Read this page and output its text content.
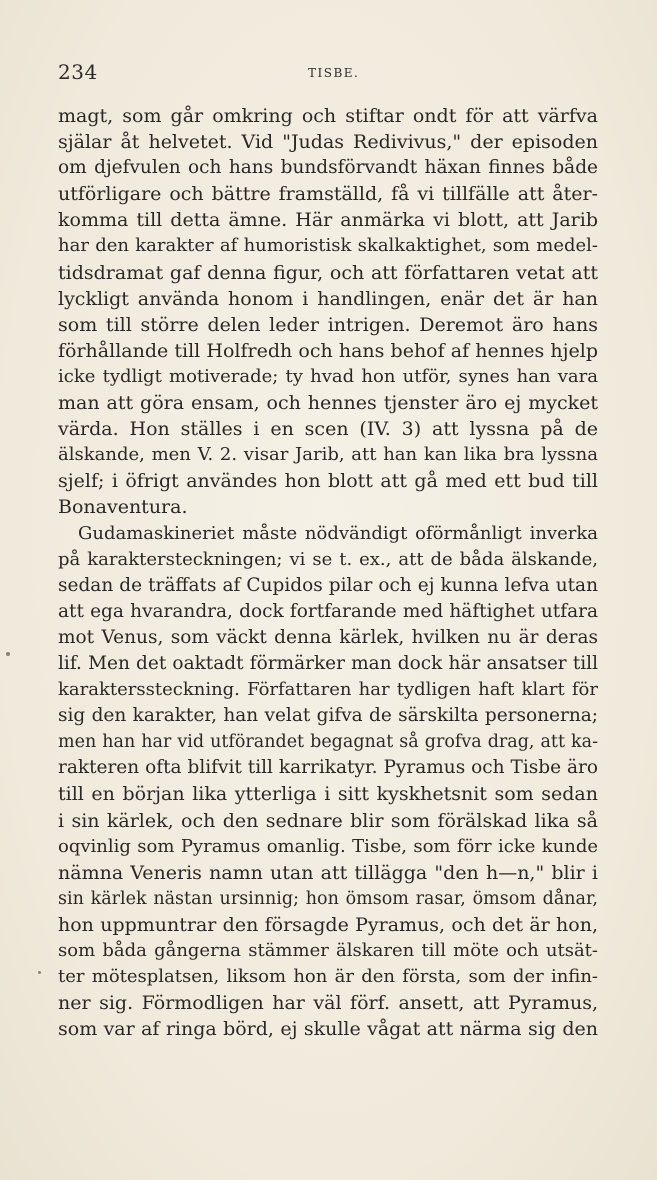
234	TISBE.
magt, som går omkring och stiftar ondt för att värfva
själar åt helvetet. Vid "Judas Redivivus," der episoden
om djefvulen och hans bundsförvandt häxan finnes både
utförligare och bättre framställd, få vi tillfälle att åter-
komma till detta ämne. Här anmärka vi blott, att Jarib
har den karakter af humoristisk skalkaktighet, som medel-
tidsdramat gaf denna figur, och att författaren vetat att
lyckligt använda honom i handlingen, enär det är han
som till större delen leder intrigen. Deremot äro hans
förhållande till Holfredh och hans behof af hennes hjelp
icke tydligt motiverade; ty hvad hon utför, synes han vara
man att göra ensam, och hennes tjenster äro ej mycket
värda. Hon ställes i en scen (IV. 3) att lyssna på de
älskande, men V. 2. visar Jarib, att han kan lika bra lyssna
sjelf; i öfrigt användes hon blott att gå med ett bud till
Bonaventura.
Gudamaskineriet måste nödvändigt oförmånligt inverka
på karaktersteckningen; vi se t. ex., att de båda älskande,
sedan de träffats af Cupidos pilar och ej kunna lefva utan
att ega hvarandra, dock fortfarande med häftighet utfara
mot Venus, som väckt denna kärlek, hvilken nu är deras
lif. Men det oaktadt förmärker man dock här ansatser till
karakterssteckning. Författaren har tydligen haft klart för
sig den karakter, han velat gifva de särskilta personerna;
men han har vid utförandet begagnat så grofva drag, att ka-
rakteren ofta blifvit till karrikatyr. Pyramus och Tisbe äro
till en början lika ytterliga i sitt kyskhetsnit som sedan
i sin kärlek, och den sednare blir som förälskad lika så
oqvinlig som Pyramus omanlig. Tisbe, som förr icke kunde
nämna Veneris namn utan att tillägga "den h—n," blir i
sin kärlek nästan ursinnig; hon ömsom rasar, ömsom dånar,
hon uppmuntrar den försagde Pyramus, och det är hon,
som båda gångerna stämmer älskaren till möte och utsät-
ter mötesplatsen, liksom hon är den första, som der infin-
ner sig. Förmodligen har väl förf. ansett, att Pyramus,
som var af ringa börd, ej skulle vågat att närma sig den
